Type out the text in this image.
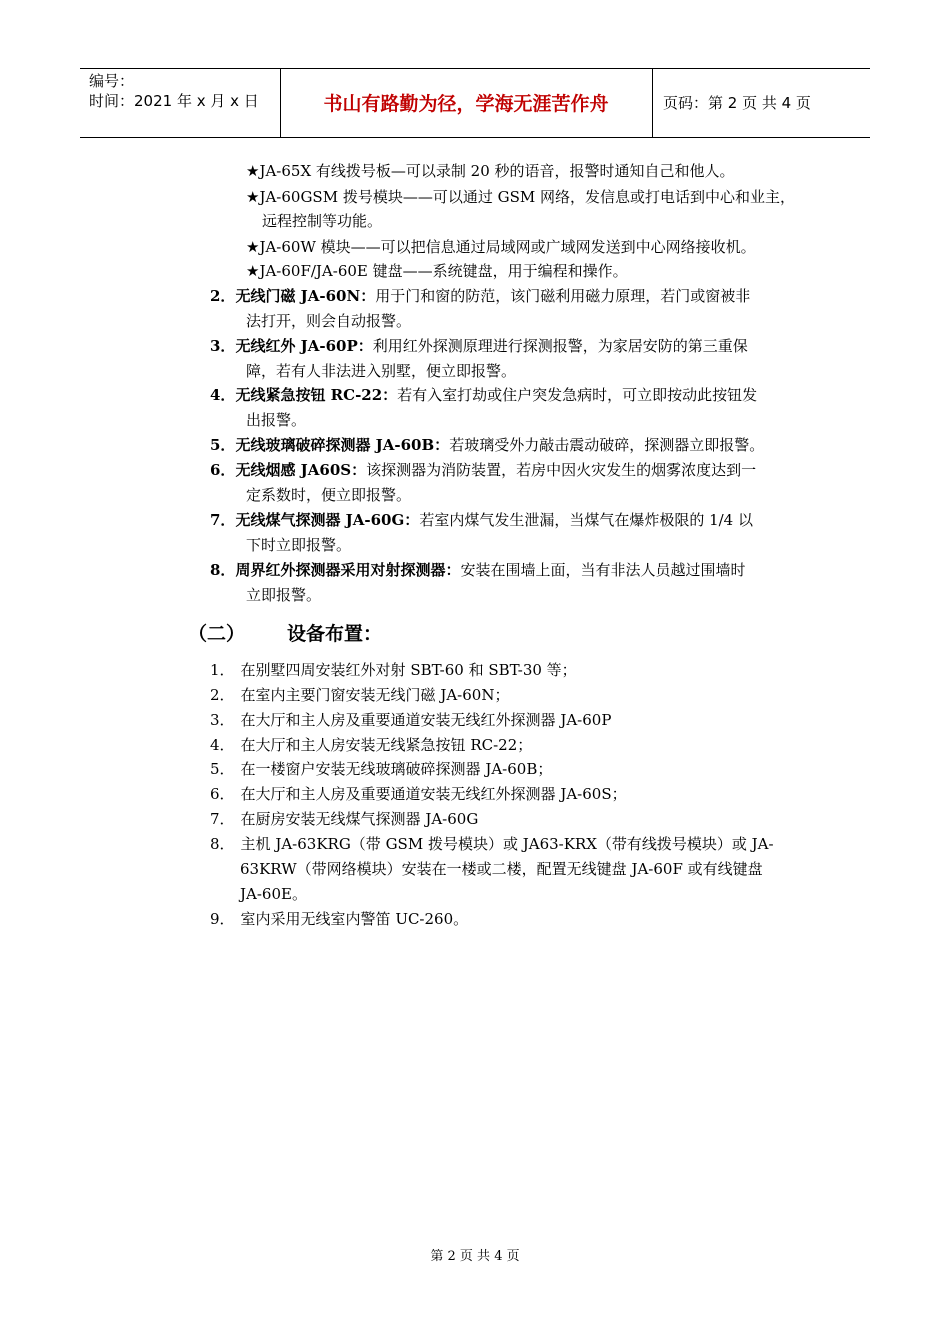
编号：
时间：2021 年 x 月 x 日	书山有路勤为径，学海无涯苦作舟	页码：第 2 页 共 4 页
★JA-65X 有线拨号板—可以录制 20 秒的语音，报警时通知自己和他人。
★JA-60GSM 拨号模块——可以通过 GSM 网络，发信息或打电话到中心和业主，
远程控制等功能。
★JA-60W 模块——可以把信息通过局域网或广域网发送到中心网络接收机。
★JA-60F/JA-60E 键盘——系统键盘，用于编程和操作。
2．无线门磁 JA-60N：用于门和窗的防范，该门磁利用磁力原理，若门或窗被非
法打开，则会自动报警。
3．无线红外 JA-60P：利用红外探测原理进行探测报警，为家居安防的第三重保
障，若有人非法进入别墅，便立即报警。
4．无线紧急按钮 RC-22：若有入室打劫或住户突发急病时，可立即按动此按钮发
出报警。
5．无线玻璃破碎探测器 JA-60B：若玻璃受外力敲击震动破碎，探测器立即报警。
6．无线烟感 JA60S：该探测器为消防装置，若房中因火灾发生的烟雾浓度达到一
定系数时，便立即报警。
7．无线煤气探测器 JA-60G：若室内煤气发生泄漏，当煤气在爆炸极限的 1/4 以
下时立即报警。
8．周界红外探测器采用对射探测器：安装在围墙上面，当有非法人员越过围墙时
立即报警。
（二） 设备布置：
1． 在别墅四周安装红外对射 SBT-60 和 SBT-30 等；
2． 在室内主要门窗安装无线门磁 JA-60N；
3． 在大厅和主人房及重要通道安装无线红外探测器 JA-60P
4． 在大厅和主人房安装无线紧急按钮 RC-22；
5． 在一楼窗户安装无线玻璃破碎探测器 JA-60B；
6． 在大厅和主人房及重要通道安装无线红外探测器 JA-60S；
7． 在厨房安装无线煤气探测器 JA-60G
8． 主机 JA-63KRG（带 GSM 拨号模块）或 JA63-KRX（带有线拨号模块）或 JA-
63KRW（带网络模块）安装在一楼或二楼，配置无线键盘 JA-60F 或有线键盘
JA-60E。
9． 室内采用无线室内警笛 UC-260。
第 2 页 共 4 页
